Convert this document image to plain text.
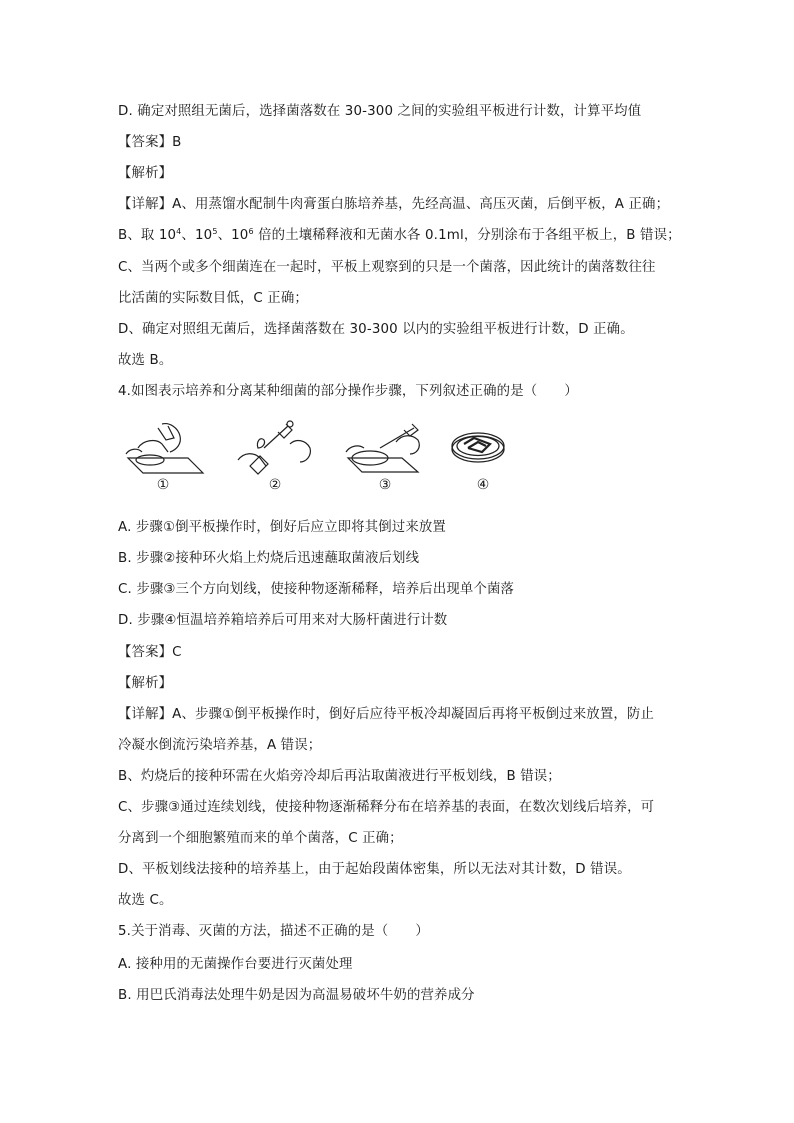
D. 确定对照组无菌后，选择菌落数在 30-300 之间的实验组平板进行计数，计算平均值
【答案】B
【解析】
【详解】A、用蒸馏水配制牛肉膏蛋白胨培养基，先经高温、高压灭菌，后倒平板，A 正确；
B、取 $10^4$、$10^5$、$10^6$ 倍的土壤稀释液和无菌水各 0.1ml，分别涂布于各组平板上，B 错误；
C、当两个或多个细菌连在一起时，平板上观察到的只是一个菌落，因此统计的菌落数往往
比活菌的实际数目低，C 正确；
D、确定对照组无菌后，选择菌落数在 30-300 以内的实验组平板进行计数，D 正确。
故选 B。
4.如图表示培养和分离某种细菌的部分操作步骤，下列叙述正确的是（　　）
①	②	③	④
A. 步骤①倒平板操作时，倒好后应立即将其倒过来放置
B. 步骤②接种环火焰上灼烧后迅速蘸取菌液后划线
C. 步骤③三个方向划线，使接种物逐渐稀释，培养后出现单个菌落
D. 步骤④恒温培养箱培养后可用来对大肠杆菌进行计数
【答案】C
【解析】
【详解】A、步骤①倒平板操作时，倒好后应待平板冷却凝固后再将平板倒过来放置，防止
冷凝水倒流污染培养基，A 错误；
B、灼烧后的接种环需在火焰旁冷却后再沾取菌液进行平板划线，B 错误；
C、步骤③通过连续划线，使接种物逐渐稀释分布在培养基的表面，在数次划线后培养，可
分离到一个细胞繁殖而来的单个菌落，C 正确；
D、平板划线法接种的培养基上，由于起始段菌体密集，所以无法对其计数，D 错误。
故选 C。
5.关于消毒、灭菌的方法，描述不正确的是（　　）
A. 接种用的无菌操作台要进行灭菌处理
B. 用巴氏消毒法处理牛奶是因为高温易破坏牛奶的营养成分
